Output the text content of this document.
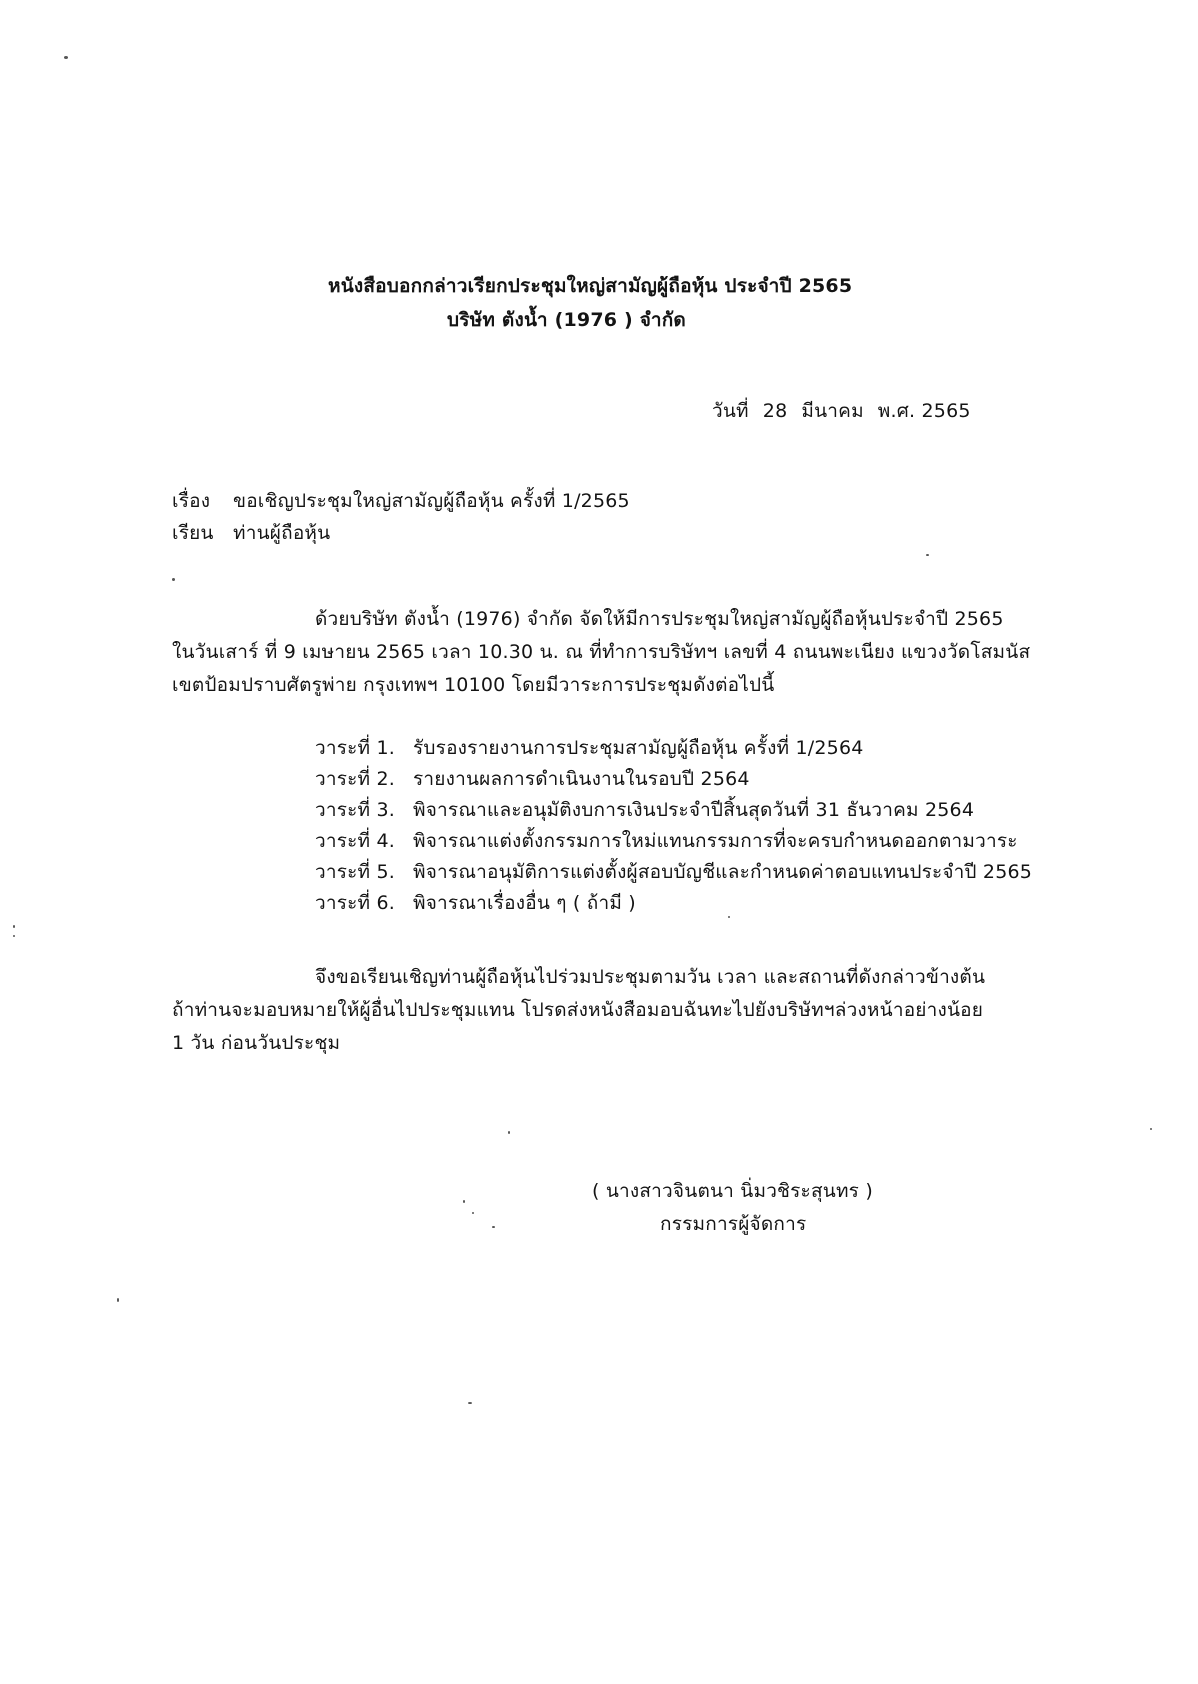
หนังสือบอกกล่าวเรียกประชุมใหญ่สามัญผู้ถือหุ้น ประจำปี 2565
บริษัท ตังน้ำ (1976 ) จำกัด
วันที่ 28 มีนาคม พ.ศ. 2565
เรื่อง ขอเชิญประชุมใหญ่สามัญผู้ถือหุ้น ครั้งที่ 1/2565
เรียน ท่านผู้ถือหุ้น
ด้วยบริษัท ตังน้ำ (1976) จำกัด จัดให้มีการประชุมใหญ่สามัญผู้ถือหุ้นประจำปี 2565
ในวันเสาร์ ที่ 9 เมษายน 2565 เวลา 10.30 น. ณ ที่ทำการบริษัทฯ เลขที่ 4 ถนนพะเนียง แขวงวัดโสมนัส
เขตป้อมปราบศัตรูพ่าย กรุงเทพฯ 10100 โดยมีวาระการประชุมดังต่อไปนี้
วาระที่ 1. รับรองรายงานการประชุมสามัญผู้ถือหุ้น ครั้งที่ 1/2564
วาระที่ 2. รายงานผลการดำเนินงานในรอบปี 2564
วาระที่ 3. พิจารณาและอนุมัติงบการเงินประจำปีสิ้นสุดวันที่ 31 ธันวาคม 2564
วาระที่ 4. พิจารณาแต่งตั้งกรรมการใหม่แทนกรรมการที่จะครบกำหนดออกตามวาระ
วาระที่ 5. พิจารณาอนุมัติการแต่งตั้งผู้สอบบัญชีและกำหนดค่าตอบแทนประจำปี 2565
วาระที่ 6. พิจารณาเรื่องอื่น ๆ ( ถ้ามี )
จึงขอเรียนเชิญท่านผู้ถือหุ้นไปร่วมประชุมตามวัน เวลา และสถานที่ดังกล่าวข้างต้น
ถ้าท่านจะมอบหมายให้ผู้อื่นไปประชุมแทน โปรดส่งหนังสือมอบฉันทะไปยังบริษัทฯล่วงหน้าอย่างน้อย
1 วัน ก่อนวันประชุม
( นางสาวจินตนา นิ่มวชิระสุนทร )
กรรมการผู้จัดการ
